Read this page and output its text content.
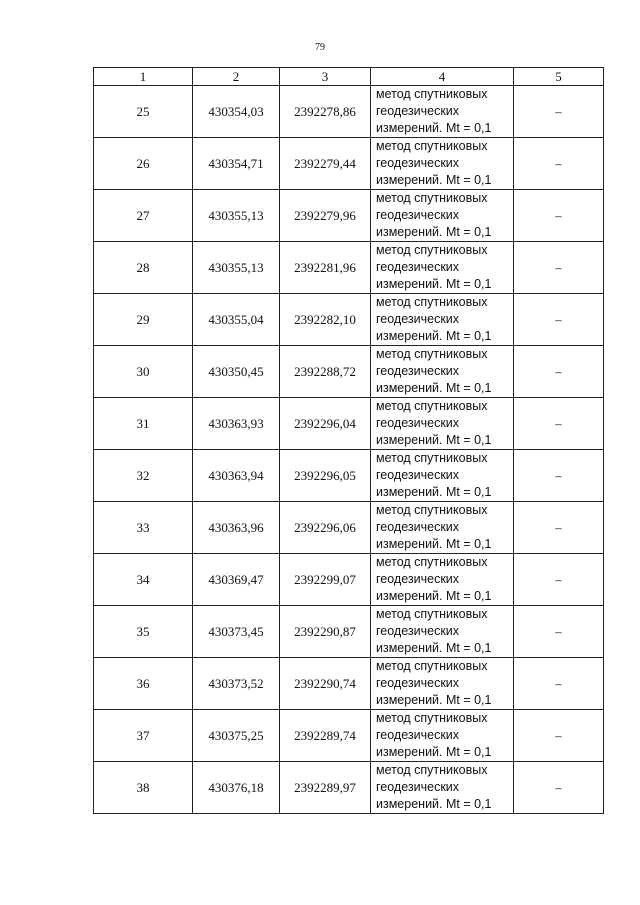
79
1	2	3	4	5
25	430354,03	2392278,86	метод спутниковых
геодезических
измерений. Mt = 0,1	–
26	430354,71	2392279,44	метод спутниковых
геодезических
измерений. Mt = 0,1	–
27	430355,13	2392279,96	метод спутниковых
геодезических
измерений. Mt = 0,1	–
28	430355,13	2392281,96	метод спутниковых
геодезических
измерений. Mt = 0,1	–
29	430355,04	2392282,10	метод спутниковых
геодезических
измерений. Mt = 0,1	–
30	430350,45	2392288,72	метод спутниковых
геодезических
измерений. Mt = 0,1	–
31	430363,93	2392296,04	метод спутниковых
геодезических
измерений. Mt = 0,1	–
32	430363,94	2392296,05	метод спутниковых
геодезических
измерений. Mt = 0,1	–
33	430363,96	2392296,06	метод спутниковых
геодезических
измерений. Mt = 0,1	–
34	430369,47	2392299,07	метод спутниковых
геодезических
измерений. Mt = 0,1	–
35	430373,45	2392290,87	метод спутниковых
геодезических
измерений. Mt = 0,1	–
36	430373,52	2392290,74	метод спутниковых
геодезических
измерений. Mt = 0,1	–
37	430375,25	2392289,74	метод спутниковых
геодезических
измерений. Mt = 0,1	–
38	430376,18	2392289,97	метод спутниковых
геодезических
измерений. Mt = 0,1	–
